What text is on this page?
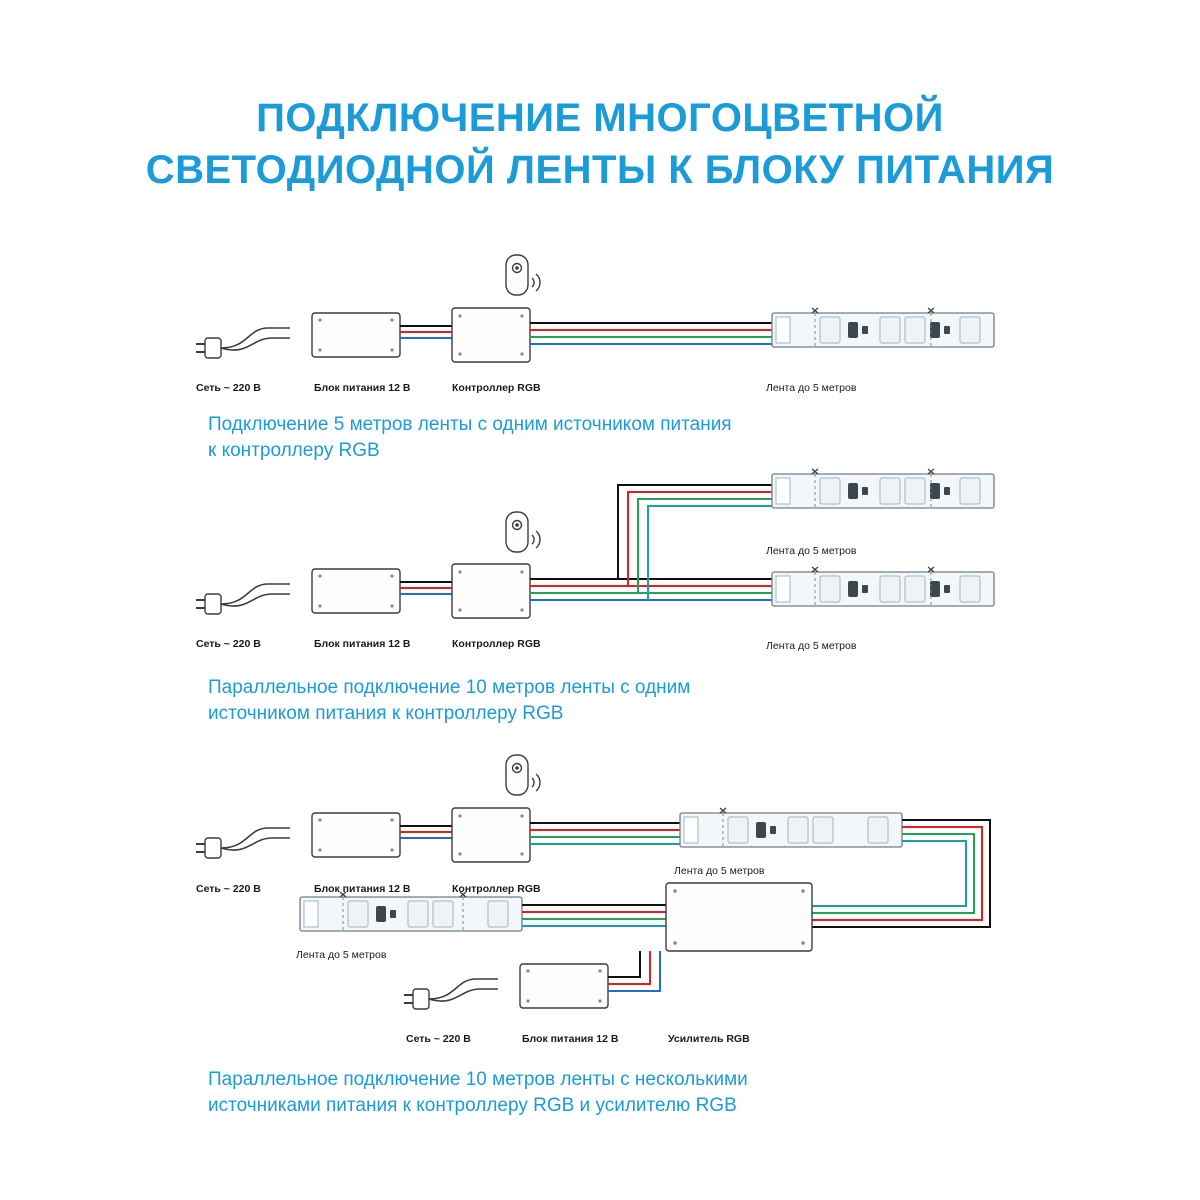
ПОДКЛЮЧЕНИЕ МНОГОЦВЕТНОЙ
СВЕТОДИОДНОЙ ЛЕНТЫ К БЛОКУ ПИТАНИЯ
Сеть ~ 220 В	Блок питания 12 В	Контроллер RGB	Лента до 5 метров
Подключение 5 метров ленты с одним источником питания
к контроллеру RGB
Лента до 5 метров
Лента до 5 метров
Сеть ~ 220 В	Блок питания 12 В	Контроллер RGB
Параллельное подключение 10 метров ленты с одним
источником питания к контроллеру RGB
Лента до 5 метров
Лента до 5 метров
Сеть ~ 220 В	Блок питания 12 В	Контроллер RGB
Сеть ~ 220 В	Блок питания 12 В	Усилитель RGB
Параллельное подключение 10 метров ленты с несколькими
источниками питания к контроллеру RGB и усилителю RGB
